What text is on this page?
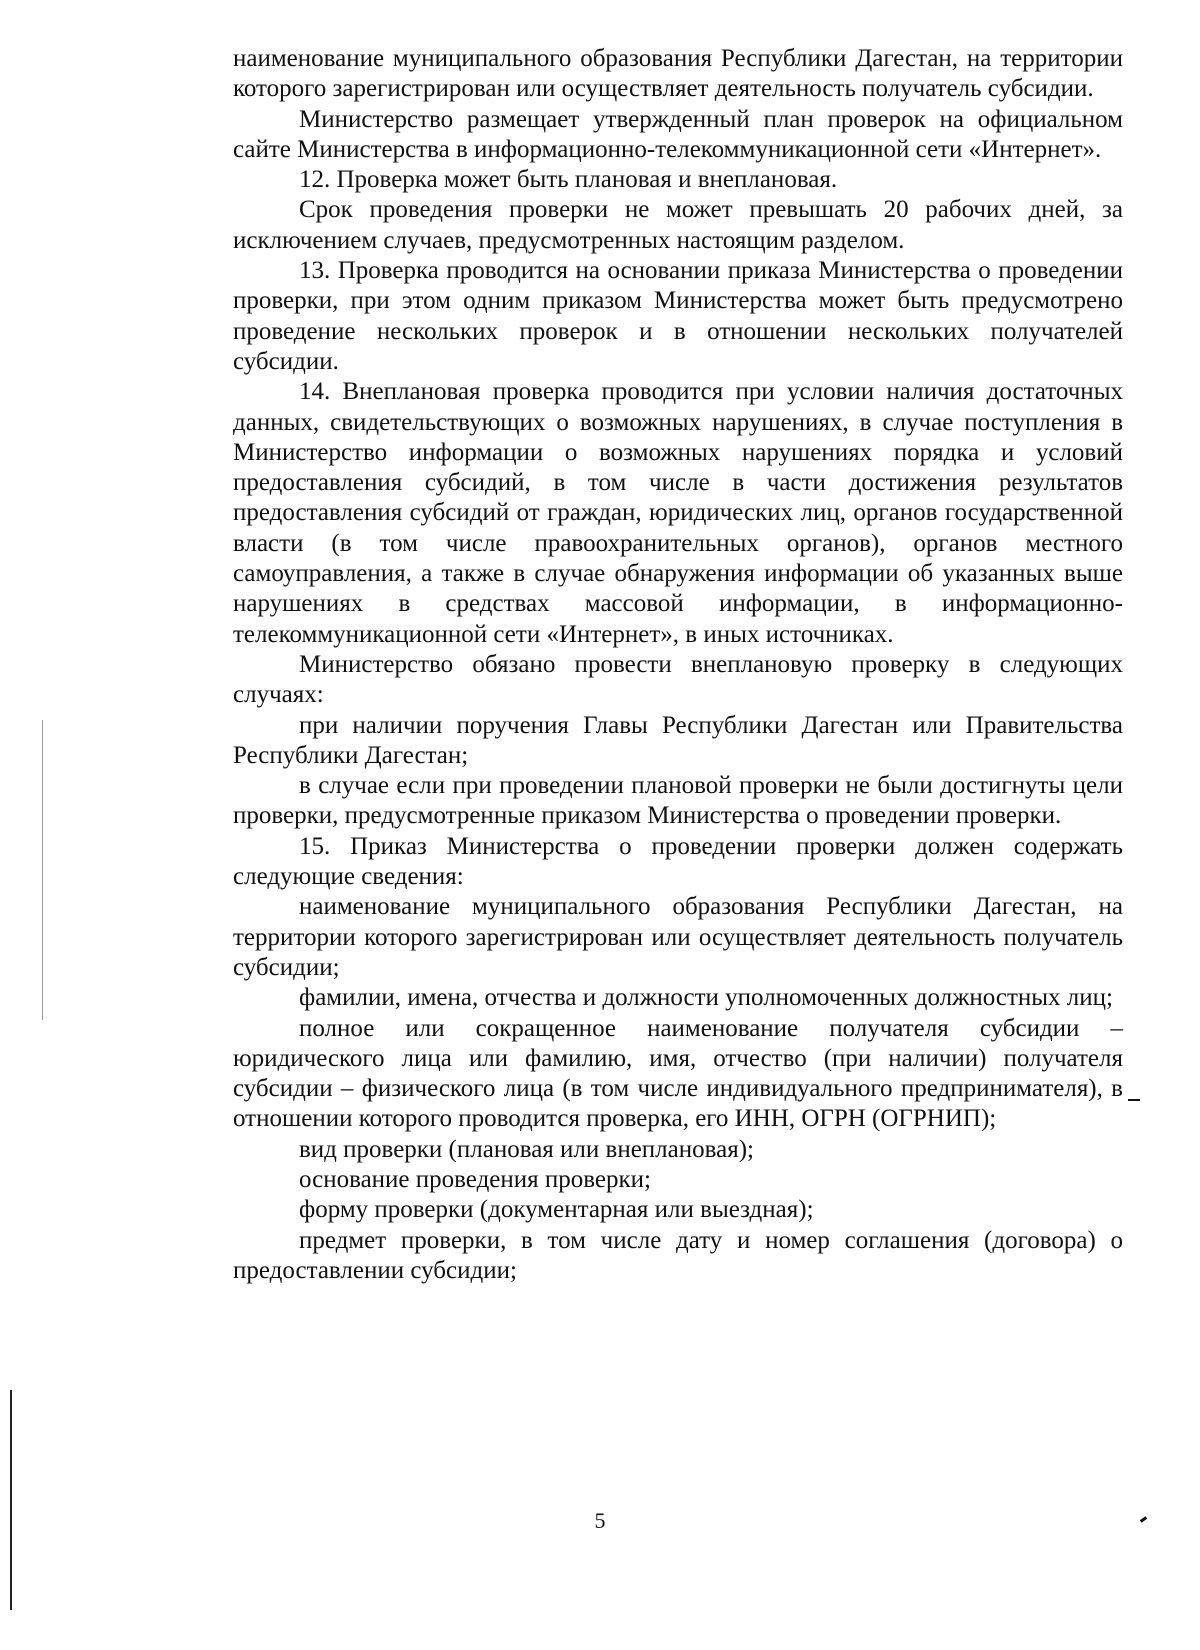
наименование муниципального образования Республики Дагестан, на территории которого зарегистрирован или осуществляет деятельность получатель субсидии.

Министерство размещает утвержденный план проверок на официальном сайте Министерства в информационно-телекоммуникационной сети «Интернет».

12. Проверка может быть плановая и внеплановая.

Срок проведения проверки не может превышать 20 рабочих дней, за исключением случаев, предусмотренных настоящим разделом.

13. Проверка проводится на основании приказа Министерства о проведении проверки, при этом одним приказом Министерства может быть предусмотрено проведение нескольких проверок и в отношении нескольких получателей субсидии.

14. Внеплановая проверка проводится при условии наличия достаточных данных, свидетельствующих о возможных нарушениях, в случае поступления в Министерство информации о возможных нарушениях порядка и условий предоставления субсидий, в том числе в части достижения результатов предоставления субсидий от граждан, юридических лиц, органов государственной власти (в том числе правоохранительных органов), органов местного самоуправления, а также в случае обнаружения информации об указанных выше нарушениях в средствах массовой информации, в информационно-телекоммуникационной сети «Интернет», в иных источниках.

Министерство обязано провести внеплановую проверку в следующих случаях:

при наличии поручения Главы Республики Дагестан или Правительства Республики Дагестан;

в случае если при проведении плановой проверки не были достигнуты цели проверки, предусмотренные приказом Министерства о проведении проверки.

15. Приказ Министерства о проведении проверки должен содержать следующие сведения:

наименование муниципального образования Республики Дагестан, на территории которого зарегистрирован или осуществляет деятельность получатель субсидии;

фамилии, имена, отчества и должности уполномоченных должностных лиц;

полное или сокращенное наименование получателя субсидии – юридического лица или фамилию, имя, отчество (при наличии) получателя субсидии – физического лица (в том числе индивидуального предпринимателя), в отношении которого проводится проверка, его ИНН, ОГРН (ОГРНИП);

вид проверки (плановая или внеплановая);

основание проведения проверки;

форму проверки (документарная или выездная);

предмет проверки, в том числе дату и номер соглашения (договора) о предоставлении субсидии;

5
